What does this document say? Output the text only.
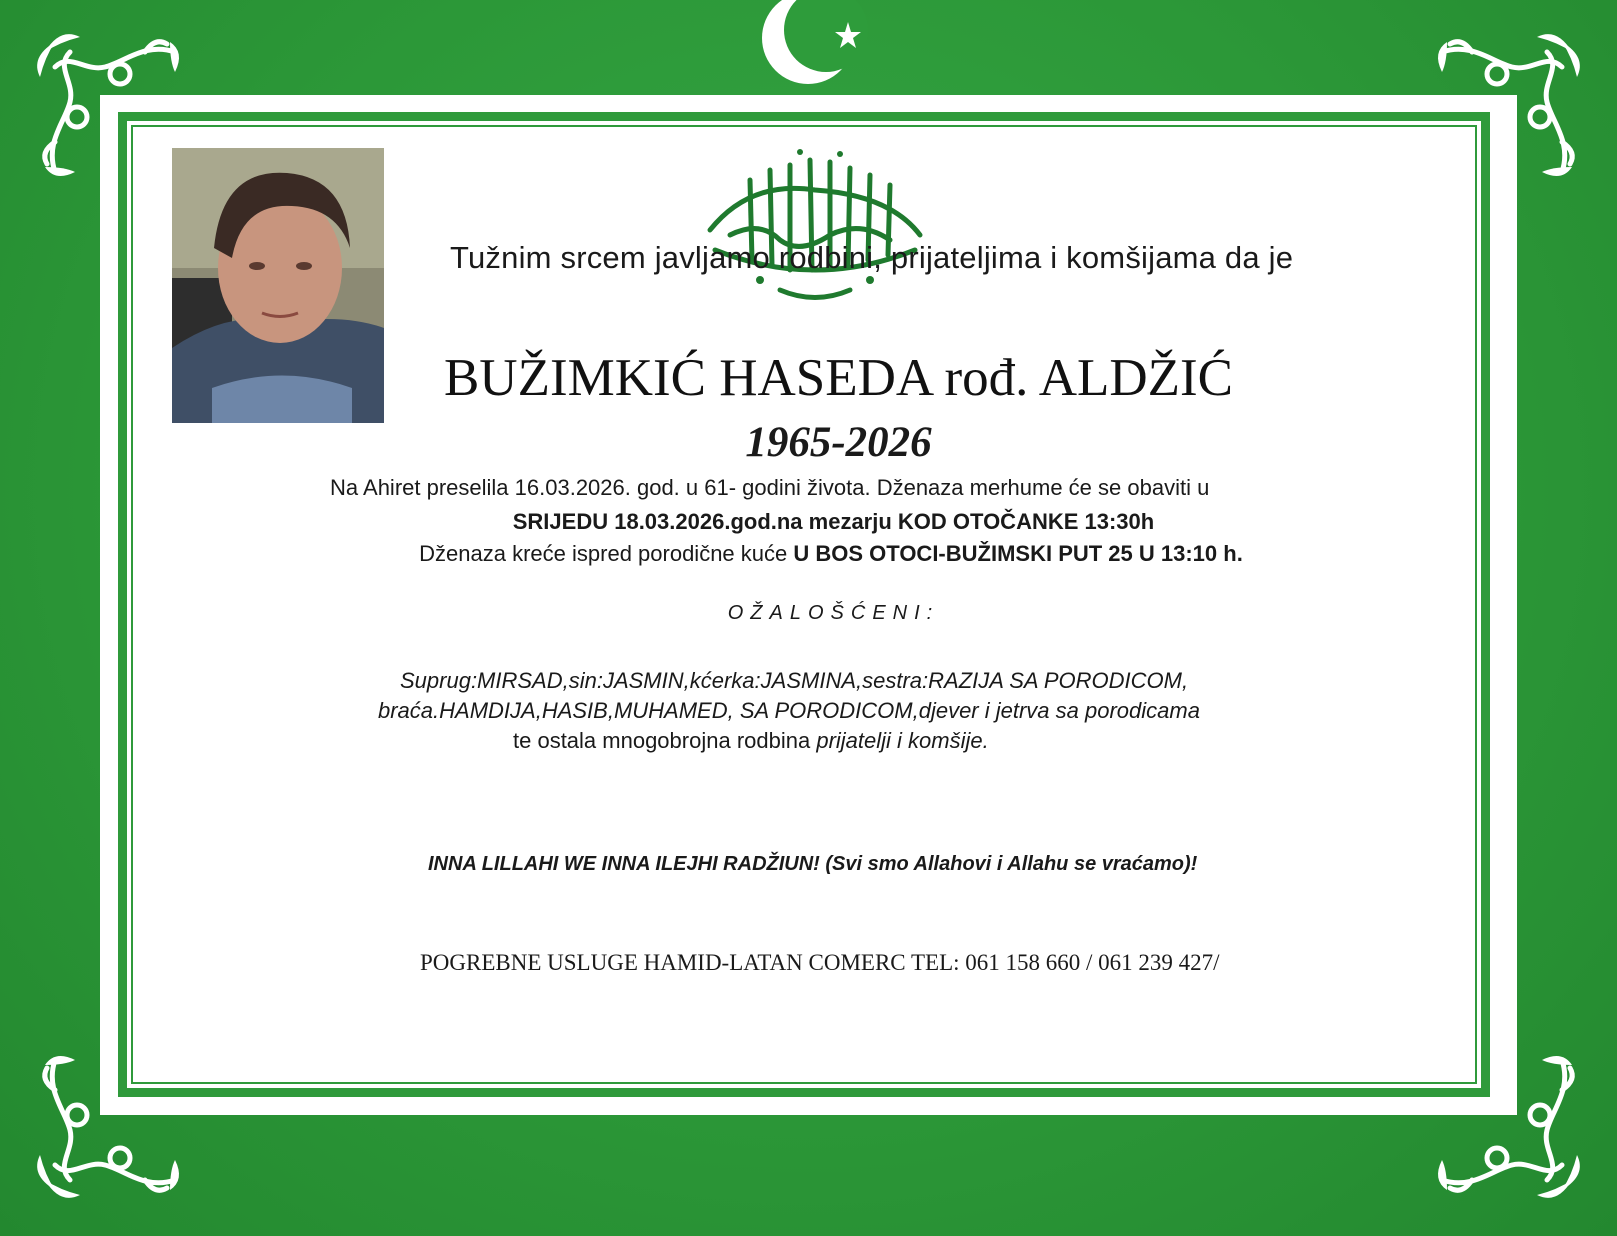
Tužnim srcem javljamo rodbini, prijateljima i komšijama da je
BUŽIMKIĆ HASEDA rođ. ALDŽIĆ
1965-2026
Na Ahiret preselila 16.03.2026. god. u 61- godini života. Dženaza merhume će se obaviti u
SRIJEDU 18.03.2026.god.na mezarju KOD OTOČANKE 13:30h
Dženaza kreće ispred porodične kuće U BOS OTOCI-BUŽIMSKI PUT 25 U 13:10 h.
OŽALOŠĆENI:
Suprug:MIRSAD,sin:JASMIN,kćerka:JASMINA,sestra:RAZIJA SA PORODICOM,
braća.HAMDIJA,HASIB,MUHAMED, SA PORODICOM,djever i jetrva sa porodicama
te ostala mnogobrojna rodbina prijatelji i komšije.
INNA LILLAHI WE INNA ILEJHI RADŽIUN! (Svi smo Allahovi i Allahu se vraćamo)!
POGREBNE USLUGE HAMID-LATAN COMERC TEL: 061 158 660 / 061 239 427/
